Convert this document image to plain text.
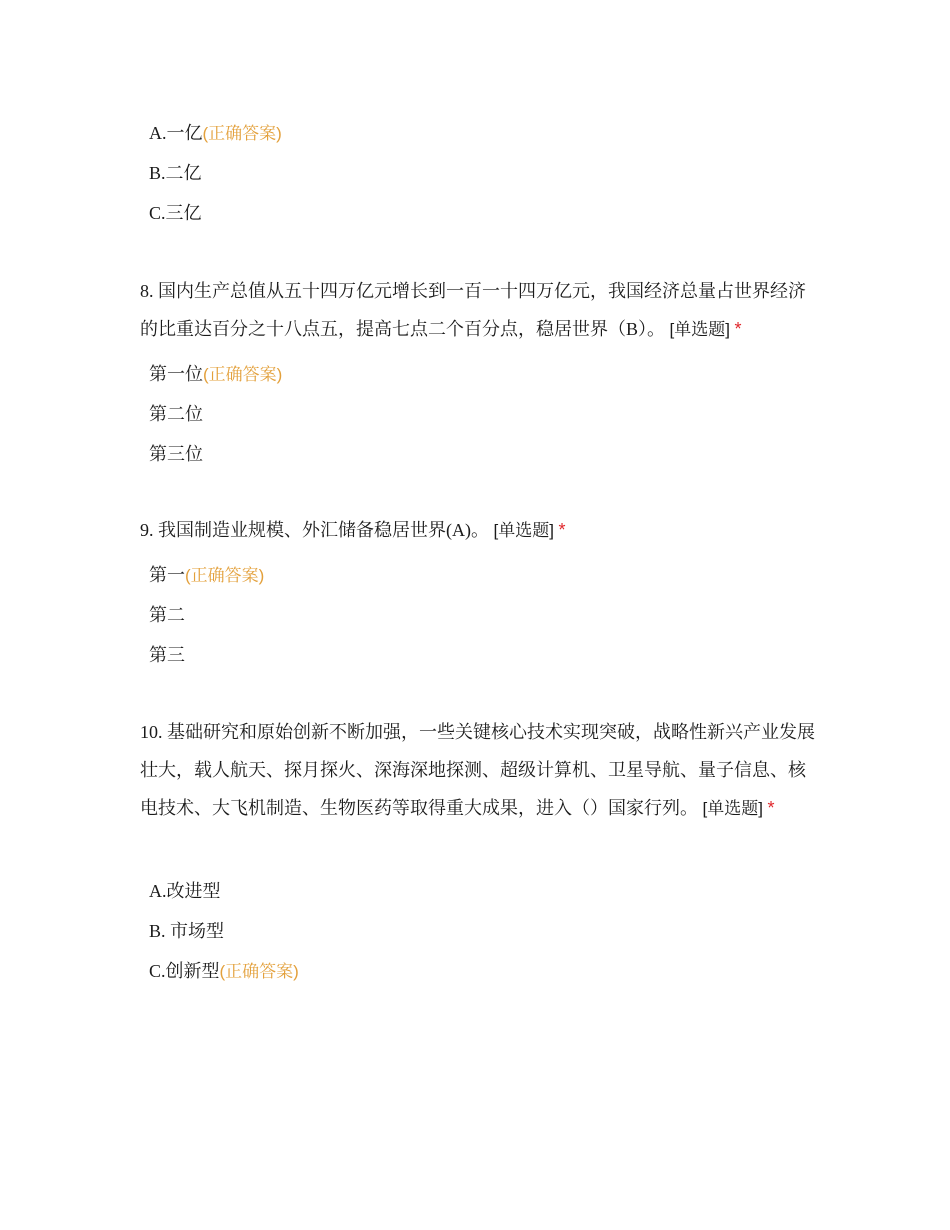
A.一亿(正确答案)
B.二亿
C.三亿
8. 国内生产总值从五十四万亿元增长到一百一十四万亿元，我国经济总量占世界经济的比重达百分之十八点五，提高七点二个百分点，稳居世界（B）。 [单选题] *
第一位(正确答案)
第二位
第三位
9. 我国制造业规模、外汇储备稳居世界(A)。 [单选题] *
第一(正确答案)
第二
第三
10. 基础研究和原始创新不断加强，一些关键核心技术实现突破，战略性新兴产业发展壮大，载人航天、探月探火、深海深地探测、超级计算机、卫星导航、量子信息、核电技术、大飞机制造、生物医药等取得重大成果，进入（）国家行列。 [单选题] *
A.改进型
B. 市场型
C.创新型(正确答案)
